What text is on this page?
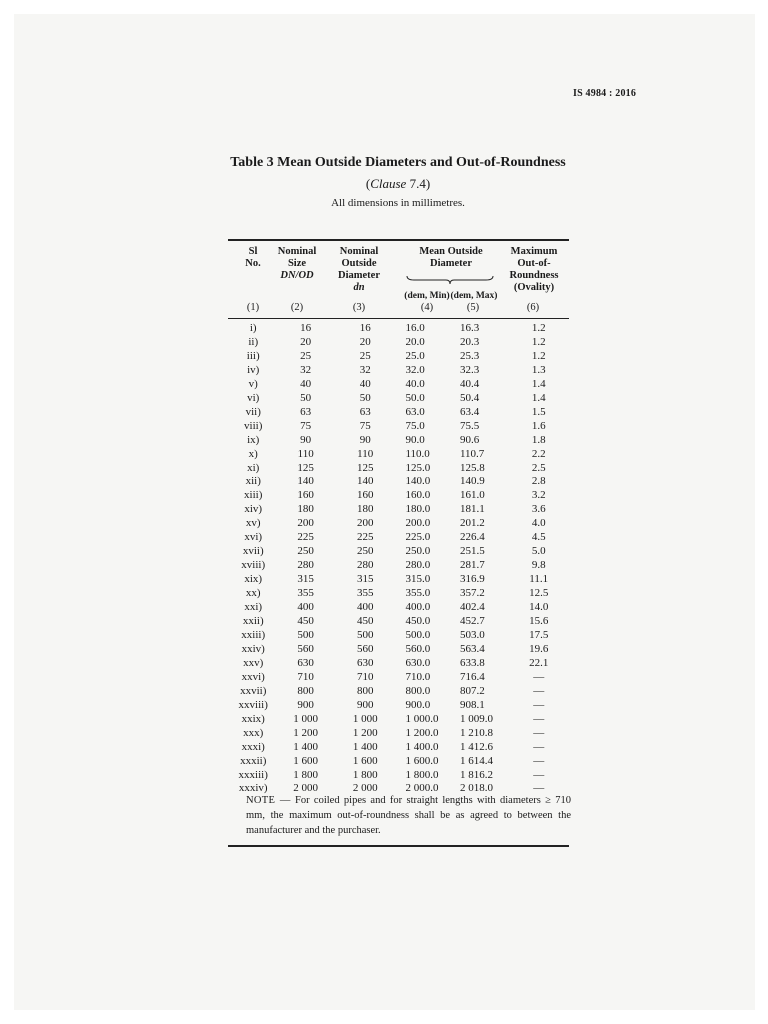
IS 4984 : 2016

Table 3 Mean Outside Diameters and Out-of-Roundness

(Clause 7.4)
All dimensions in millimetres.
Sl
No.
Nominal
Size
DN/OD
Nominal
Outside
Diameter
dn
Mean Outside
Diameter
(dem, Min) (dem, Max)
Maximum
Out-of-
Roundness
(Ovality)
(1)	(2)	(3)	(4)	(5)	(6)
i)	16	16	16.0	16.3	1.2
ii)	20	20	20.0	20.3	1.2
iii)	25	25	25.0	25.3	1.2
iv)	32	32	32.0	32.3	1.3
v)	40	40	40.0	40.4	1.4
vi)	50	50	50.0	50.4	1.4
vii)	63	63	63.0	63.4	1.5
viii)	75	75	75.0	75.5	1.6
ix)	90	90	90.0	90.6	1.8
x)	110	110	110.0	110.7	2.2
xi)	125	125	125.0	125.8	2.5
xii)	140	140	140.0	140.9	2.8
xiii)	160	160	160.0	161.0	3.2
xiv)	180	180	180.0	181.1	3.6
xv)	200	200	200.0	201.2	4.0
xvi)	225	225	225.0	226.4	4.5
xvii)	250	250	250.0	251.5	5.0
xviii)	280	280	280.0	281.7	9.8
xix)	315	315	315.0	316.9	11.1
xx)	355	355	355.0	357.2	12.5
xxi)	400	400	400.0	402.4	14.0
xxii)	450	450	450.0	452.7	15.6
xxiii)	500	500	500.0	503.0	17.5
xxiv)	560	560	560.0	563.4	19.6
xxv)	630	630	630.0	633.8	22.1
xxvi)	710	710	710.0	716.4	—
xxvii)	800	800	800.0	807.2	—
xxviii)	900	900	900.0	908.1	—
xxix)	1 000	1 000	1 000.0	1 009.0	—
xxx)	1 200	1 200	1 200.0	1 210.8	—
xxxi)	1 400	1 400	1 400.0	1 412.6	—
xxxii)	1 600	1 600	1 600.0	1 614.4	—
xxxiii)	1 800	1 800	1 800.0	1 816.2	—
xxxiv)	2 000	2 000	2 000.0	2 018.0	—
NOTE — For coiled pipes and for straight lengths with diameters ≥ 710 mm, the maximum out-of-roundness shall be as agreed to between the manufacturer and the purchaser.
